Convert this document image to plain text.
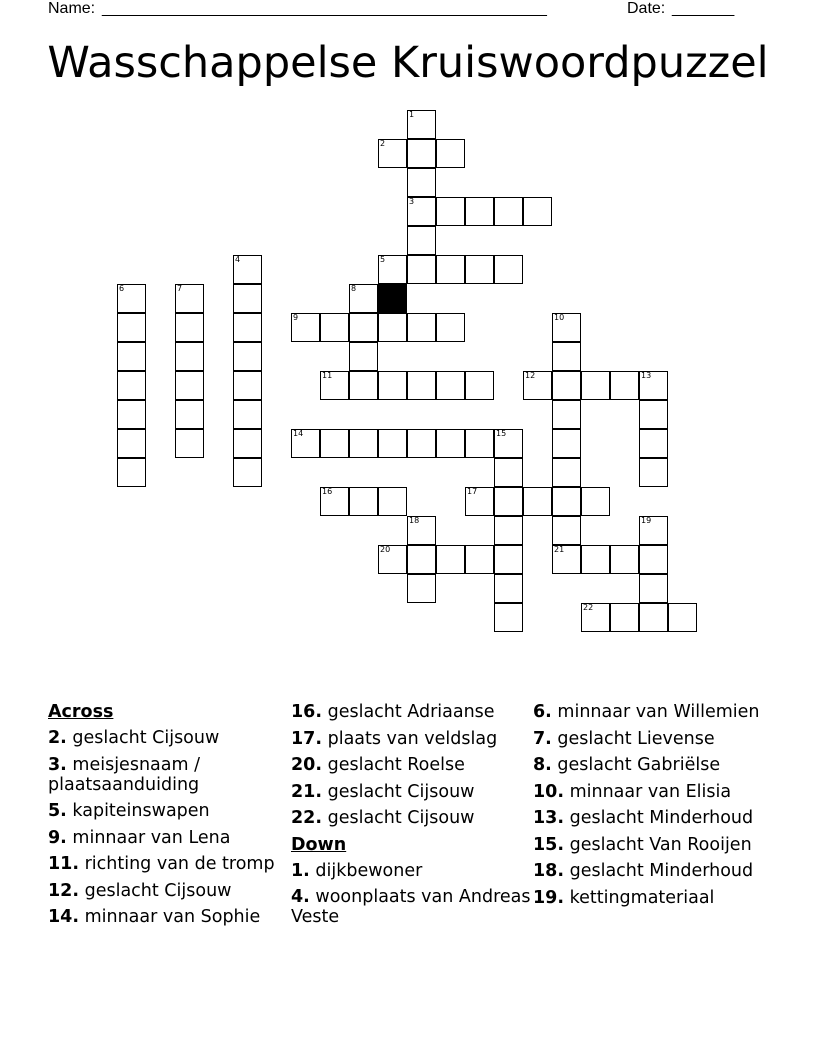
Name: __________________________________________________	Date: _______
Wasschappelse Kruiswoordpuzzel
1
3
2
4	5
6	7	8
9	10
21
11	12	13
14	15
16	17
18	19
20
22
Across
2. geslacht Cijsouw
3. meisjesnaam / plaatsaanduiding
5. kapiteinswapen
9. minnaar van Lena
11. richting van de tromp
12. geslacht Cijsouw
14. minnaar van Sophie
16. geslacht Adriaanse
17. plaats van veldslag
20. geslacht Roelse
21. geslacht Cijsouw
22. geslacht Cijsouw
Down
1. dijkbewoner
4. woonplaats van Andreas Veste
6. minnaar van Willemien
7. geslacht Lievense
8. geslacht Gabriëlse
10. minnaar van Elisia
13. geslacht Minderhoud
15. geslacht Van Rooijen
18. geslacht Minderhoud
19. kettingmateriaal
